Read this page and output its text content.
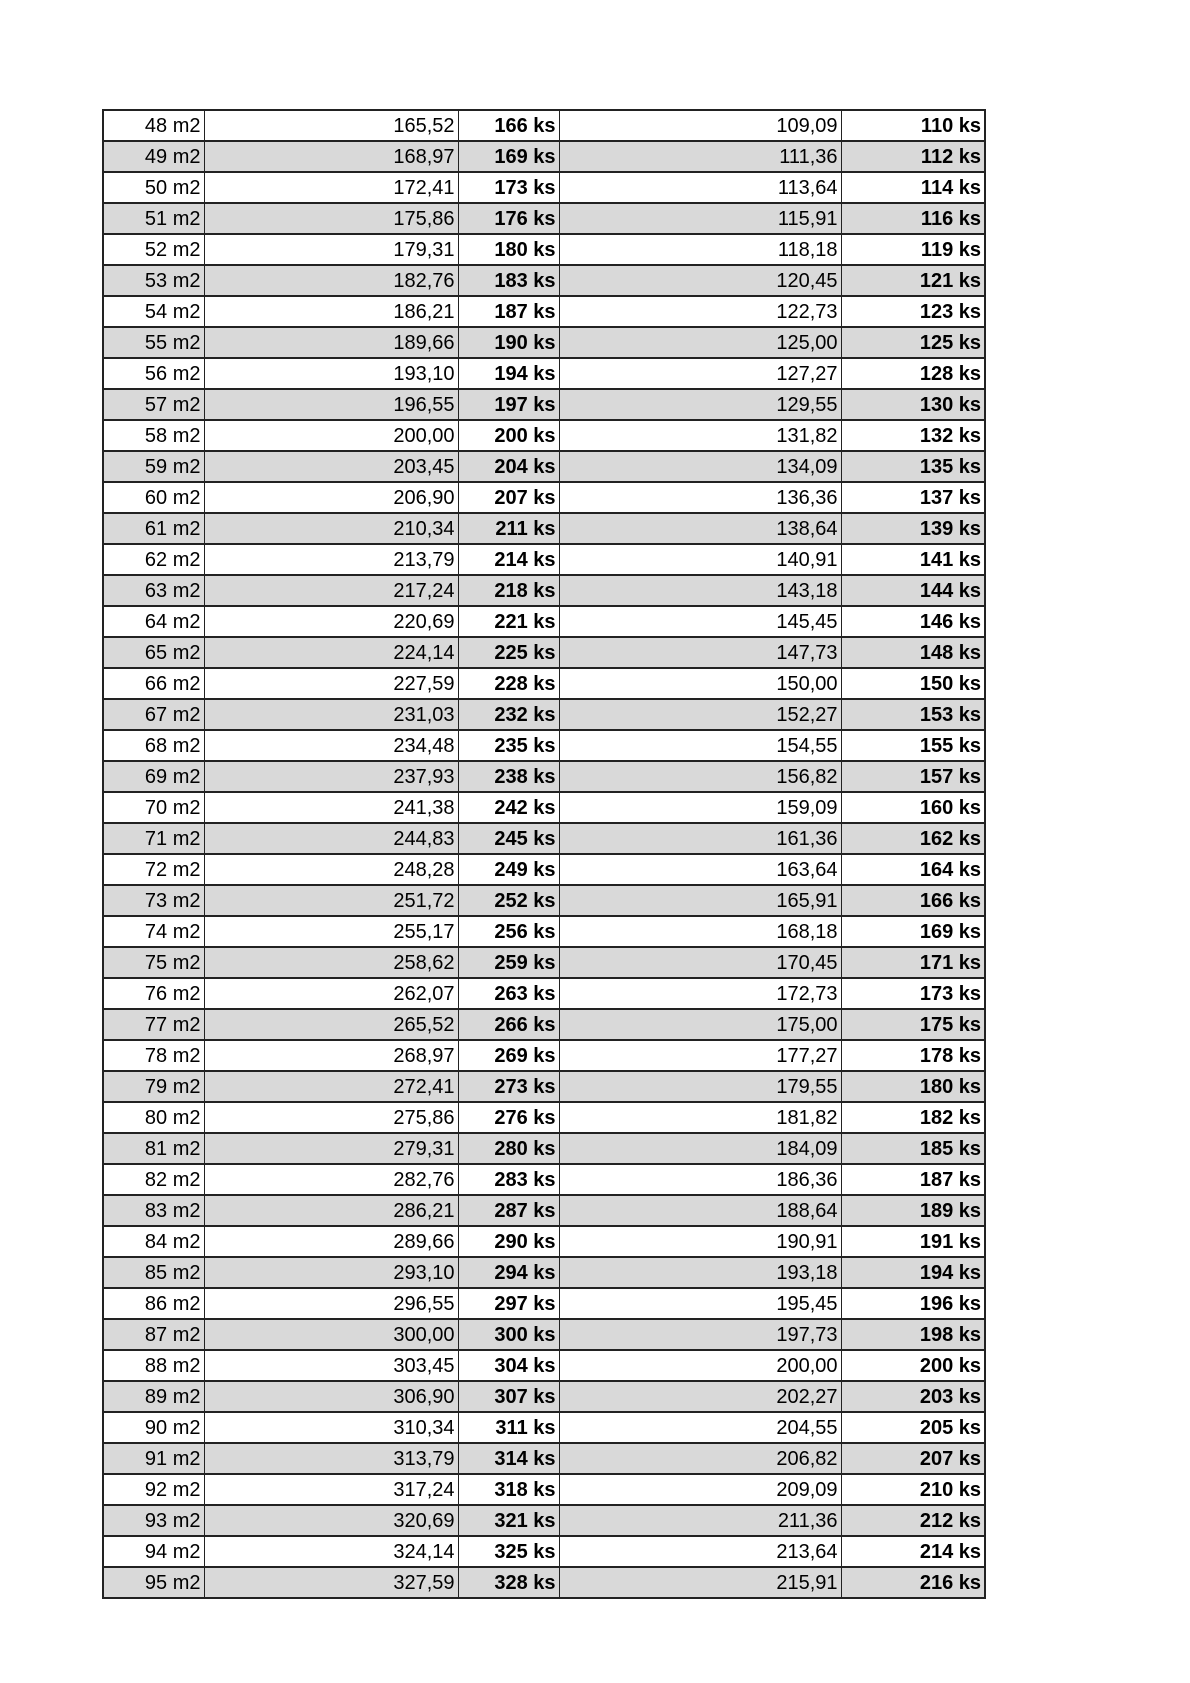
48 m2	165,52	166 ks	109,09	110 ks
49 m2	168,97	169 ks	111,36	112 ks
50 m2	172,41	173 ks	113,64	114 ks
51 m2	175,86	176 ks	115,91	116 ks
52 m2	179,31	180 ks	118,18	119 ks
53 m2	182,76	183 ks	120,45	121 ks
54 m2	186,21	187 ks	122,73	123 ks
55 m2	189,66	190 ks	125,00	125 ks
56 m2	193,10	194 ks	127,27	128 ks
57 m2	196,55	197 ks	129,55	130 ks
58 m2	200,00	200 ks	131,82	132 ks
59 m2	203,45	204 ks	134,09	135 ks
60 m2	206,90	207 ks	136,36	137 ks
61 m2	210,34	211 ks	138,64	139 ks
62 m2	213,79	214 ks	140,91	141 ks
63 m2	217,24	218 ks	143,18	144 ks
64 m2	220,69	221 ks	145,45	146 ks
65 m2	224,14	225 ks	147,73	148 ks
66 m2	227,59	228 ks	150,00	150 ks
67 m2	231,03	232 ks	152,27	153 ks
68 m2	234,48	235 ks	154,55	155 ks
69 m2	237,93	238 ks	156,82	157 ks
70 m2	241,38	242 ks	159,09	160 ks
71 m2	244,83	245 ks	161,36	162 ks
72 m2	248,28	249 ks	163,64	164 ks
73 m2	251,72	252 ks	165,91	166 ks
74 m2	255,17	256 ks	168,18	169 ks
75 m2	258,62	259 ks	170,45	171 ks
76 m2	262,07	263 ks	172,73	173 ks
77 m2	265,52	266 ks	175,00	175 ks
78 m2	268,97	269 ks	177,27	178 ks
79 m2	272,41	273 ks	179,55	180 ks
80 m2	275,86	276 ks	181,82	182 ks
81 m2	279,31	280 ks	184,09	185 ks
82 m2	282,76	283 ks	186,36	187 ks
83 m2	286,21	287 ks	188,64	189 ks
84 m2	289,66	290 ks	190,91	191 ks
85 m2	293,10	294 ks	193,18	194 ks
86 m2	296,55	297 ks	195,45	196 ks
87 m2	300,00	300 ks	197,73	198 ks
88 m2	303,45	304 ks	200,00	200 ks
89 m2	306,90	307 ks	202,27	203 ks
90 m2	310,34	311 ks	204,55	205 ks
91 m2	313,79	314 ks	206,82	207 ks
92 m2	317,24	318 ks	209,09	210 ks
93 m2	320,69	321 ks	211,36	212 ks
94 m2	324,14	325 ks	213,64	214 ks
95 m2	327,59	328 ks	215,91	216 ks
